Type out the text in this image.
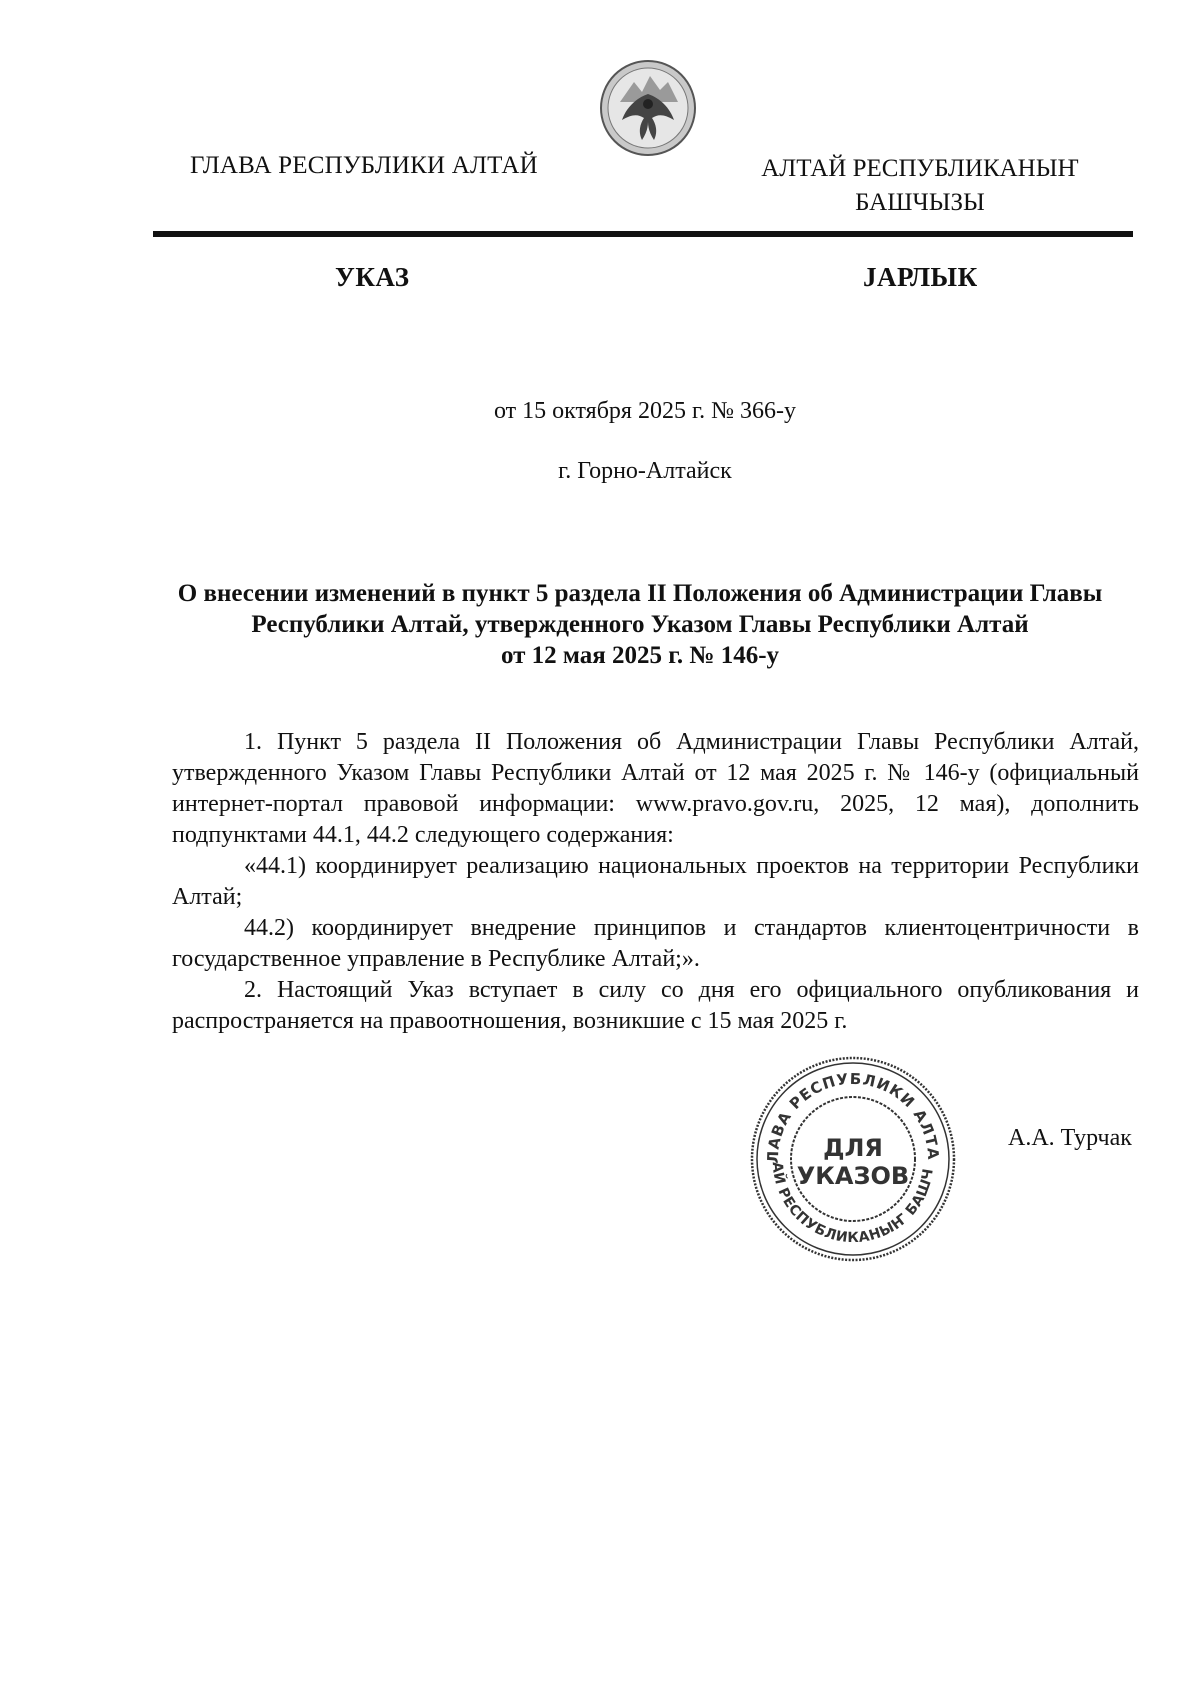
ГЛАВА РЕСПУБЛИКИ АЛТАЙ	АЛТАЙ РЕСПУБЛИКАНЫҤ
БАШЧЫЗЫ
УКАЗ	ЈАРЛЫК
от 15 октября 2025 г. № 366-у
г. Горно-Алтайск
О внесении изменений в пункт 5 раздела II Положения об Администрации Главы
Республики Алтай, утвержденного Указом Главы Республики Алтай
от 12 мая 2025 г. № 146-у

1. Пункт 5 раздела II Положения об Администрации Главы Республики Алтай, утвержденного Указом Главы Республики Алтай от 12 мая 2025 г. № 146-у (официальный интернет-портал правовой информации: www.pravo.gov.ru, 2025, 12 мая), дополнить подпунктами 44.1, 44.2 следующего содержания:

«44.1) координирует реализацию национальных проектов на территории Республики Алтай;

44.2) координирует внедрение принципов и стандартов клиентоцентричности в государственное управление в Республике Алтай;».

2. Настоящий Указ вступает в силу со дня его официального опубликования и распространяется на правоотношения, возникшие с 15 мая 2025 г.

ЛАВА РЕСПУБЛИКИ АЛТА
АЙ РЕСПУБЛИКАНЫҤ БАШЧ
ДЛЯ
УКАЗОВ
А.А. Турчак
